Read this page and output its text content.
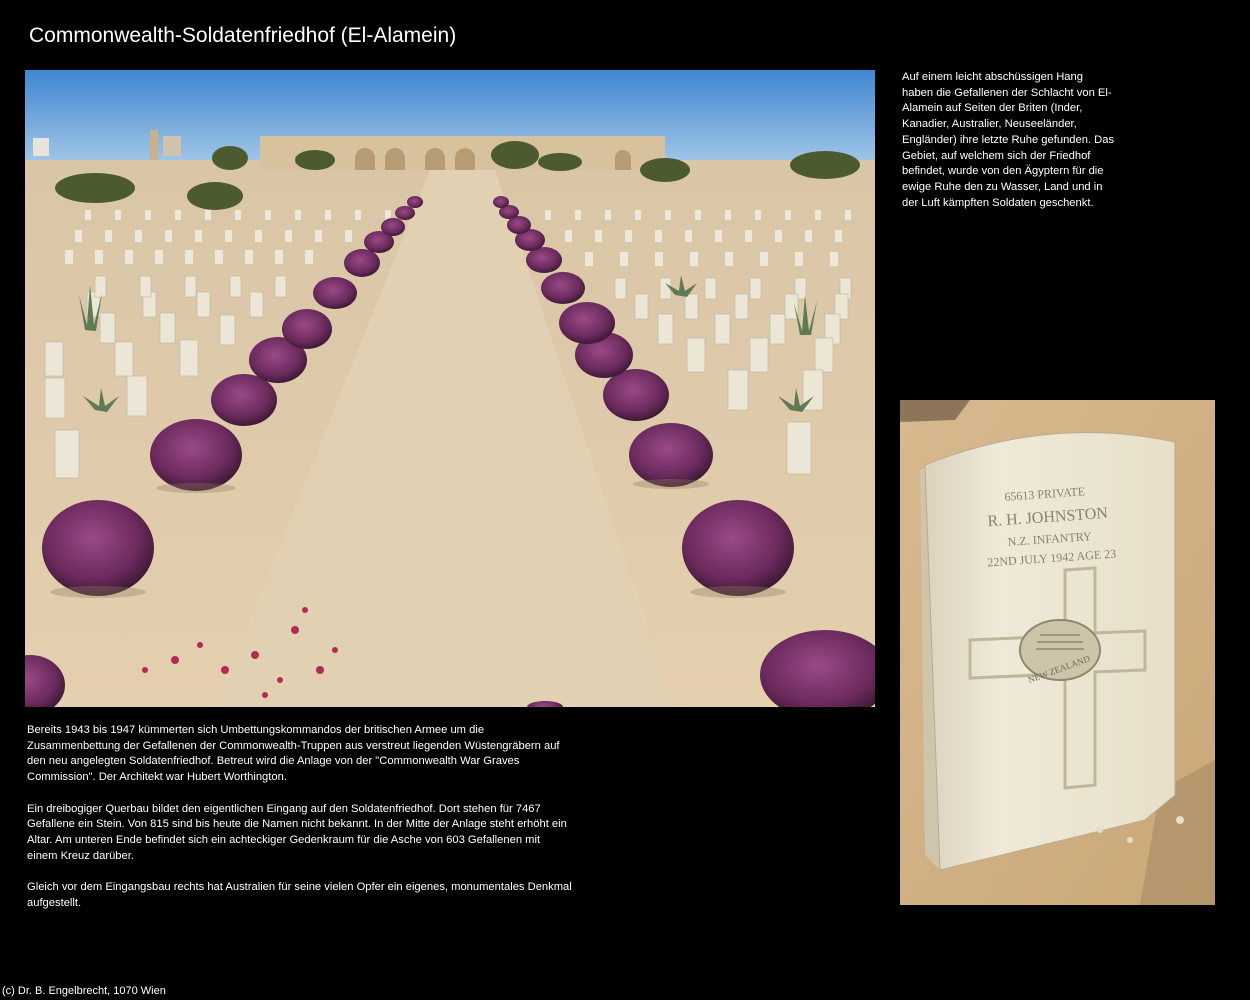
Commonwealth-Soldatenfriedhof (El-Alamein)
Auf einem leicht abschüssigen Hang haben die Gefallenen der Schlacht von El-Alamein auf Seiten der Briten (Inder, Kanadier, Australier, Neuseeländer, Engländer) ihre letzte Ruhe gefunden. Das Gebiet, auf welchem sich der Friedhof befindet, wurde von den Ägyptern für die ewige Ruhe den zu Wasser, Land und in der Luft kämpften Soldaten geschenkt.
65613 PRIVATE
R. H. JOHNSTON
N.Z. INFANTRY
22ND JULY 1942 AGE 23
NEW ZEALAND

Bereits 1943 bis 1947 kümmerten sich Umbettungskommandos der britischen Armee um die Zusammenbettung der Gefallenen der Commonwealth-Truppen aus verstreut liegenden Wüstengräbern auf den neu angelegten Soldatenfriedhof. Betreut wird die Anlage von der "Commonwealth War Graves Commission". Der Architekt war Hubert Worthington.

Ein dreibogiger Querbau bildet den eigentlichen Eingang auf den Soldatenfriedhof. Dort stehen für 7467 Gefallene ein Stein. Von 815 sind bis heute die Namen nicht bekannt. In der Mitte der Anlage steht erhöht ein Altar. Am unteren Ende befindet sich ein achteckiger Gedenkraum für die Asche von 603 Gefallenen mit einem Kreuz darüber.

Gleich vor dem Eingangsbau rechts hat Australien für seine vielen Opfer ein eigenes, monumentales Denkmal aufgestellt.

(c) Dr. B. Engelbrecht, 1070 Wien
